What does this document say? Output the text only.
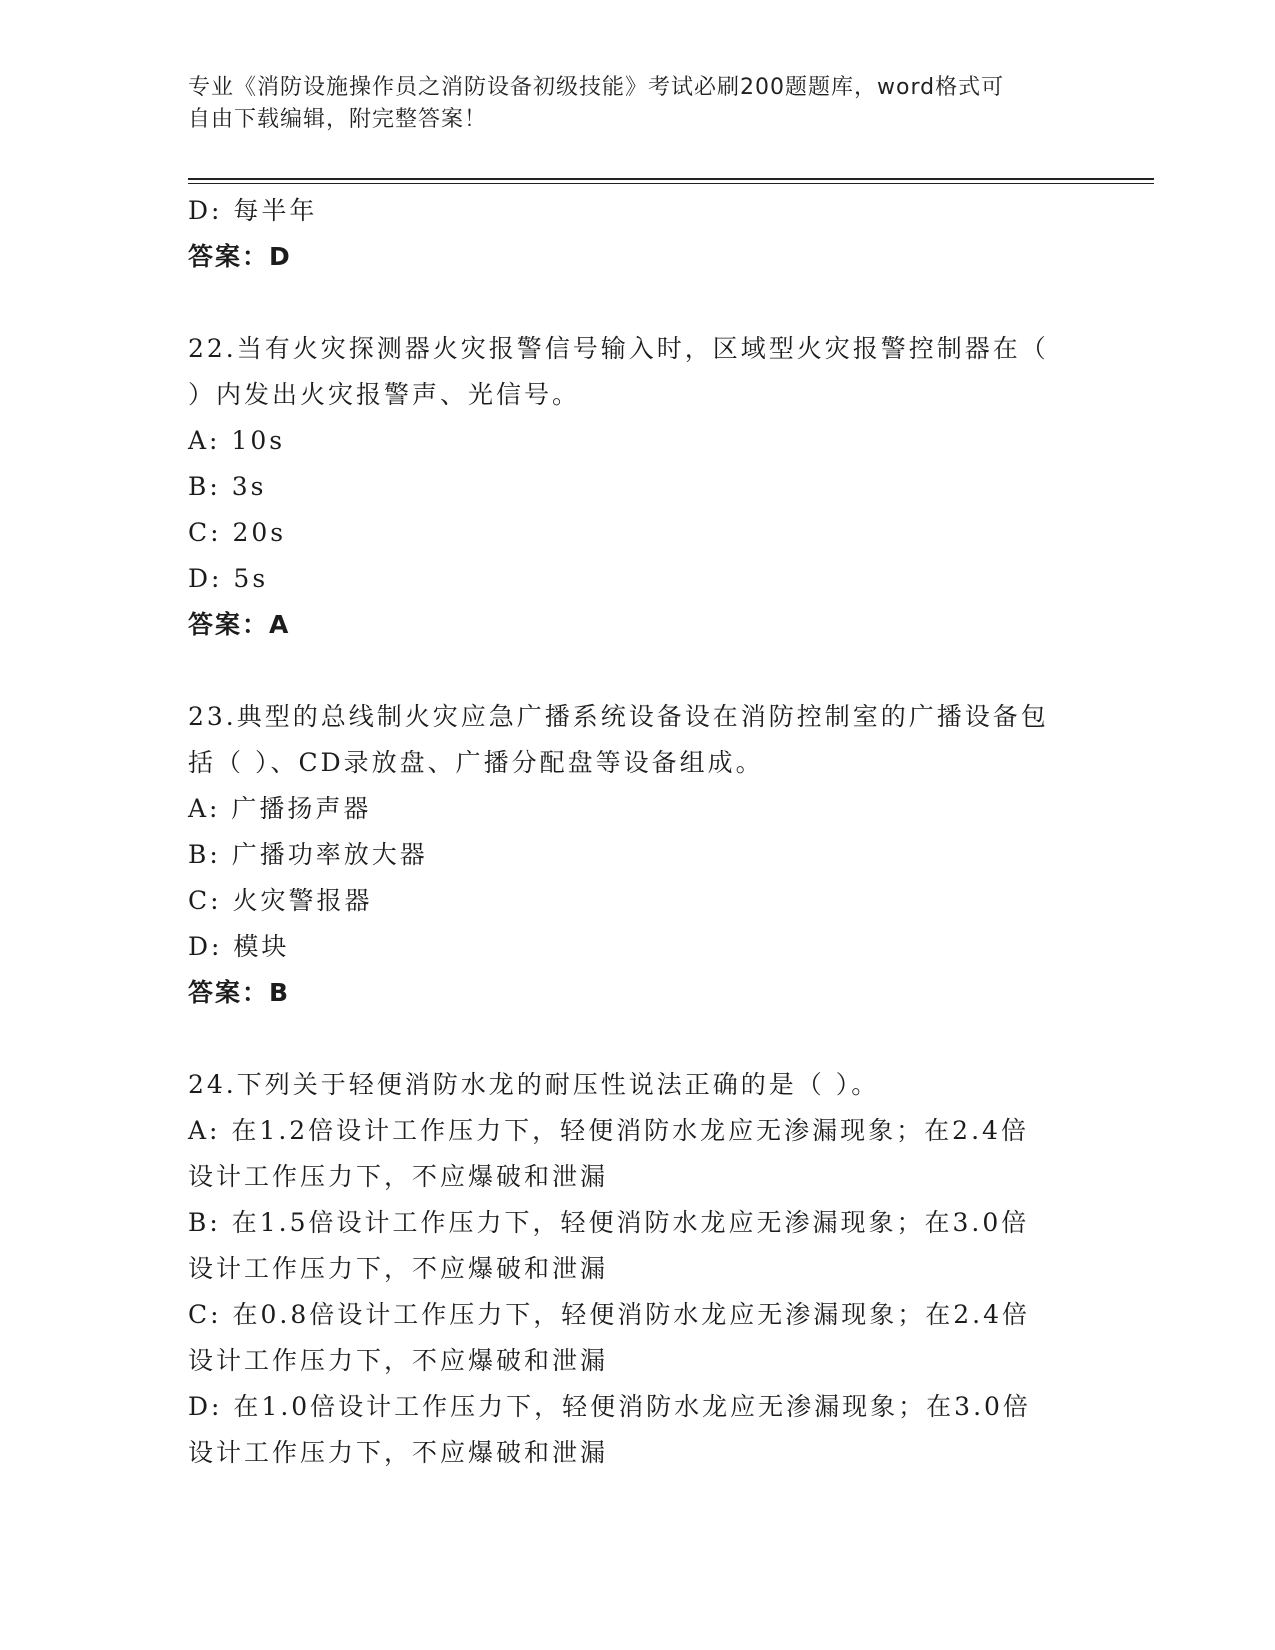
专业《消防设施操作员之消防设备初级技能》考试必刷200题题库，word格式可
自由下载编辑，附完整答案！
D: 每半年
答案：D
22.当有火灾探测器火灾报警信号输入时，区域型火灾报警控制器在（
）内发出火灾报警声、光信号。
A: 10s
B: 3s
C: 20s
D: 5s
答案：A
23.典型的总线制火灾应急广播系统设备设在消防控制室的广播设备包
括（ ）、CD录放盘、广播分配盘等设备组成。
A: 广播扬声器
B: 广播功率放大器
C: 火灾警报器
D: 模块
答案：B
24.下列关于轻便消防水龙的耐压性说法正确的是（ ）。
A: 在1.2倍设计工作压力下，轻便消防水龙应无渗漏现象；在2.4倍
设计工作压力下，不应爆破和泄漏
B: 在1.5倍设计工作压力下，轻便消防水龙应无渗漏现象；在3.0倍
设计工作压力下，不应爆破和泄漏
C: 在0.8倍设计工作压力下，轻便消防水龙应无渗漏现象；在2.4倍
设计工作压力下，不应爆破和泄漏
D: 在1.0倍设计工作压力下，轻便消防水龙应无渗漏现象；在3.0倍
设计工作压力下，不应爆破和泄漏
